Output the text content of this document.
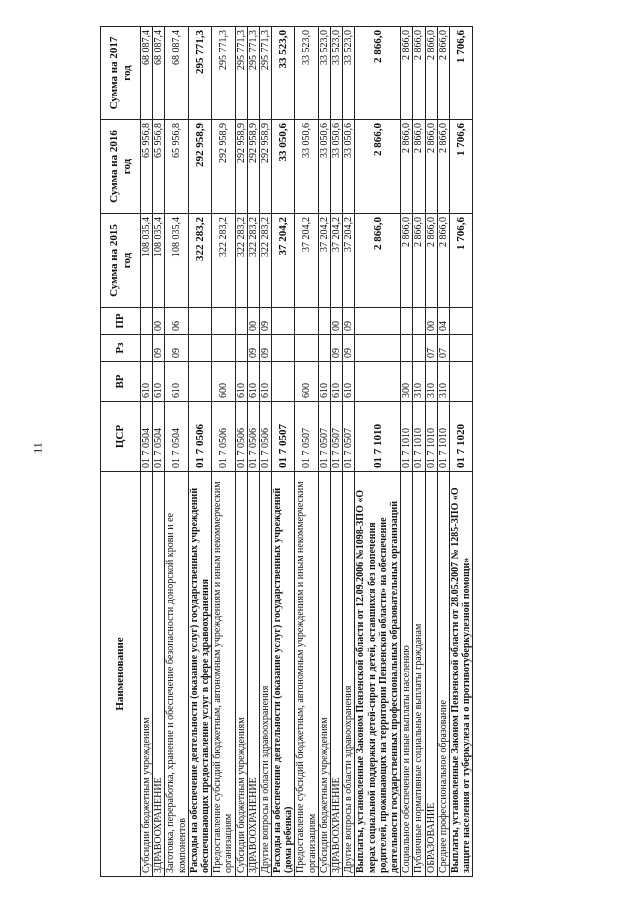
11
Наименование	ЦСР	ВР	Рз	ПР	Сумма на 2015 год	Сумма на 2016 год	Сумма на 2017 год
Субсидии бюджетным учреждениям	01 7 0504	610			108 035,4	65 956,8	68 087,4
ЗДРАВООХРАНЕНИЕ	01 7 0504	610	09	00	108 035,4	65 956,8	68 087,4
Заготовка, переработка, хранение и обеспечение безопасности донорской крови и ее компонентов	01 7 0504	610	09	06	108 035,4	65 956,8	68 087,4
Расходы на обеспечение деятельности (оказание услуг) государственных учреждений обеспечивающих предоставление услуг в сфере здравоохранения	01 7 0506				322 283,2	292 958,9	295 771,3
Предоставление субсидий бюджетным, автономным учреждениям и иным некоммерческим организациям	01 7 0506	600			322 283,2	292 958,9	295 771,3
Субсидии бюджетным учреждениям	01 7 0506	610			322 283,2	292 958,9	295 771,3
ЗДРАВООХРАНЕНИЕ	01 7 0506	610	09	00	322 283,2	292 958,9	295 771,3
Другие вопросы в области здравоохранения	01 7 0506	610	09	09	322 283,2	292 958,9	295 771,3
Расходы на обеспечение деятельности (оказание услуг) государственных учреждений (дома ребенка)	01 7 0507				37 204,2	33 050,6	33 523,0
Предоставление субсидий бюджетным, автономным учреждениям и иным некоммерческим организациям	01 7 0507	600			37 204,2	33 050,6	33 523,0
Субсидии бюджетным учреждениям	01 7 0507	610			37 204,2	33 050,6	33 523,0
ЗДРАВООХРАНЕНИЕ	01 7 0507	610	09	00	37 204,2	33 050,6	33 523,0
Другие вопросы в области здравоохранения	01 7 0507	610	09	09	37 204,2	33 050,6	33 523,0
Выплаты, установленные Законом Пензенской области от 12.09.2006 №1098-ЗПО «О мерах социальной поддержки детей-сирот и детей, оставшихся без попечения родителей, проживающих на территории Пензенской области» на обеспечение деятельности государственных профессиональных образовательных организаций	01 7 1010				2 866,0	2 866,0	2 866,0
Социальное обеспечение и иные выплаты населению	01 7 1010	300			2 866,0	2 866,0	2 866,0
Публичные нормативные социальные выплаты гражданам	01 7 1010	310			2 866,0	2 866,0	2 866,0
ОБРАЗОВАНИЕ	01 7 1010	310	07	00	2 866,0	2 866,0	2 866,0
Среднее профессиональное образование	01 7 1010	310	07	04	2 866,0	2 866,0	2 866,0
Выплаты, установленные Законом Пензенской области от 28.05.2007 № 1285-ЗПО «О защите населения от туберкулеза и о противотуберкулезной помощи»	01 7 1020				1 706,6	1 706,6	1 706,6
